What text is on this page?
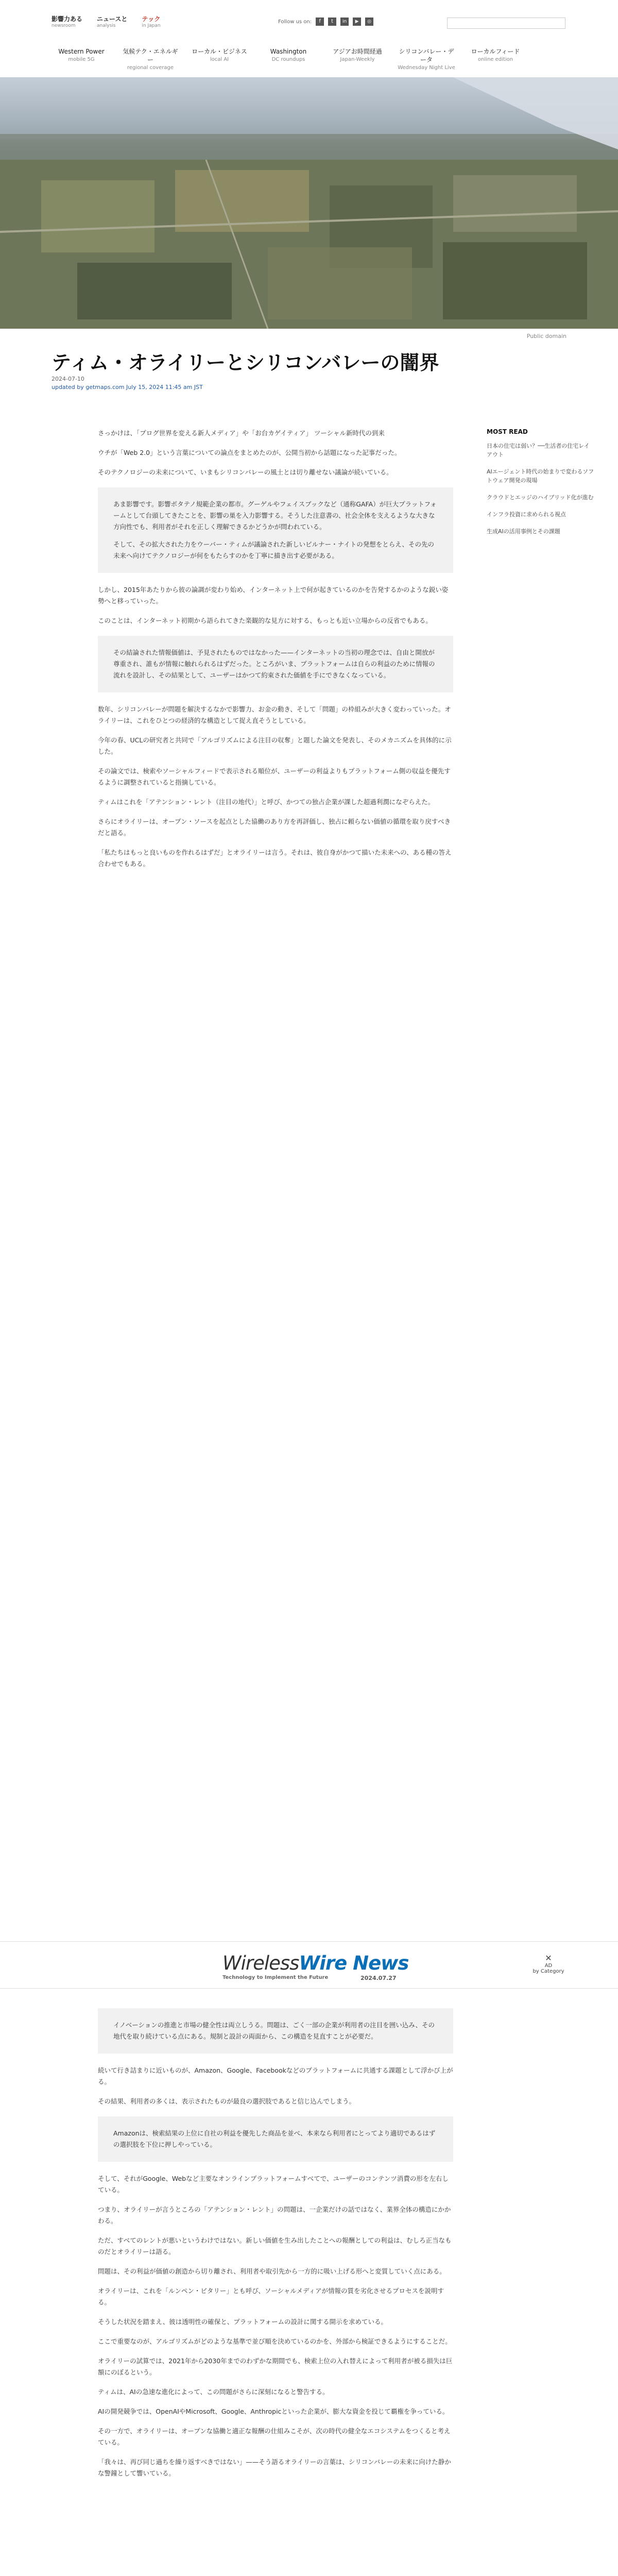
影響力ある
newsroom
ニュースと
analysis
テック
in Japan
Follow us on:	f	t	in	▶	◎
Western Power
mobile 5G
気候テク・エネルギー
regional coverage
ローカル・ビジネス
local AI
Washington
DC roundups
アジアお時間経過
Japan-Weekly
シリコンバレー・データ
Wednesday Night Live
ローカルフィード
online edition
Public domain
ティム・オライリーとシリコンバレーの闇界
2024-07-10
updated by getmaps.com July 15, 2024 11:45 am JST
MOST READ
日本の住宅は弱い？──生活者の住宅レイアウト
AIエージェント時代の始まりで変わるソフトウェア開発の現場
クラウドとエッジのハイブリッド化が進む
インフラ投資に求められる視点
生成AIの活用事例とその課題

さっかけは、「プログ世界を変える新人メディア」や「お台カゲイティア」 ツーシャル新時代の到来

ウチが「Web 2.0」という言葉についての論点をまとめたのが、公開当初から話題になった記事だった。

そのテクノロジーの未来について、いまもシリコンバレーの風土とは切り離せない議論が続いている。

あま影響です。影響ボタテノ規範企業の都市。グーゲルやフェイスブックなど（通称GAFA）が巨大プラットフォームとして台頭してきたことを、影響の巣を入力影響する。そうした注意書の、社会全体を支えるような大きな方向性でも、利用者がそれを正しく理解できるかどうかが問われている。

そして、その拡大された力をウーバー・ティムが議論された新しいビルナー・ナイトの発想をとらえ、その先の未来へ向けてテクノロジーが何をもたらすのかを丁寧に描き出す必要がある。

しかし、2015年あたりから彼の論調が変わり始め、インターネット上で何が起きているのかを告発するかのような鋭い姿勢へと移っていった。

このことは、インターネット初期から語られてきた楽観的な見方に対する、もっとも近い立場からの反省でもある。

その結論された情報価値は、予見されたものではなかった——インターネットの当初の理念では、自由と開放が尊重され、誰もが情報に触れられるはずだった。ところがいま、プラットフォームは自らの利益のために情報の流れを設計し、その結果として、ユーザーはかつて約束された価値を手にできなくなっている。

数年、シリコンバレーが問題を解決するなかで影響力、お金の動き、そして「問題」の枠組みが大きく変わっていった。オライリーは、これをひとつの経済的な構造として捉え直そうとしている。

今年の春、UCLの研究者と共同で「アルゴリズムによる注目の収奪」と題した論文を発表し、そのメカニズムを具体的に示した。

その論文では、検索やソーシャルフィードで表示される順位が、ユーザーの利益よりもプラットフォーム側の収益を優先するように調整されていると指摘している。

ティムはこれを「アテンション・レント（注目の地代）」と呼び、かつての独占企業が課した超過利潤になぞらえた。

さらにオライリーは、オープン・ソースを起点とした協働のあり方を再評価し、独占に頼らない価値の循環を取り戻すべきだと語る。

「私たちはもっと良いものを作れるはずだ」とオライリーは言う。それは、彼自身がかつて描いた未来への、ある種の答え合わせでもある。

WirelessWire News
Technology to Implement the Future	2024.07.27
✕
AD
by Category

イノベーションの推進と市場の健全性は両立しうる。問題は、ごく一部の企業が利用者の注目を囲い込み、その地代を取り続けている点にある。規制と設計の両面から、この構造を見直すことが必要だ。

続いて行き詰まりに近いものが、Amazon、Google、Facebookなどのプラットフォームに共通する課題として浮かび上がる。

その結果、利用者の多くは、表示されたものが最良の選択肢であると信じ込んでしまう。

Amazonは、検索結果の上位に自社の利益を優先した商品を並べ、本来なら利用者にとってより適切であるはずの選択肢を下位に押しやっている。

そして、それがGoogle、Webなど主要なオンラインプラットフォームすべてで、ユーザーのコンテンツ消費の形を左右している。

つまり、オライリーが言うところの「アテンション・レント」の問題は、一企業だけの話ではなく、業界全体の構造にかかわる。

ただ、すべてのレントが悪いというわけではない。新しい価値を生み出したことへの報酬としての利益は、むしろ正当なものだとオライリーは語る。

問題は、その利益が価値の創造から切り離され、利用者や取引先から一方的に吸い上げる形へと変質していく点にある。

オライリーは、これを「ルンペン・ビタリー」とも呼び、ソーシャルメディアが情報の質を劣化させるプロセスを説明する。

そうした状況を踏まえ、彼は透明性の確保と、プラットフォームの設計に関する開示を求めている。

ここで重要なのが、アルゴリズムがどのような基準で並び順を決めているのかを、外部から検証できるようにすることだ。

オライリーの試算では、2021年から2030年までのわずかな期間でも、検索上位の入れ替えによって利用者が被る損失は巨額にのぼるという。

ティムは、AIの急速な進化によって、この問題がさらに深刻になると警告する。

AIの開発競争では、OpenAIやMicrosoft、Google、Anthropicといった企業が、膨大な資金を投じて覇権を争っている。

その一方で、オライリーは、オープンな協働と適正な報酬の仕組みこそが、次の時代の健全なエコシステムをつくると考えている。

「我々は、再び同じ過ちを繰り返すべきではない」——そう語るオライリーの言葉は、シリコンバレーの未来に向けた静かな警鐘として響いている。
